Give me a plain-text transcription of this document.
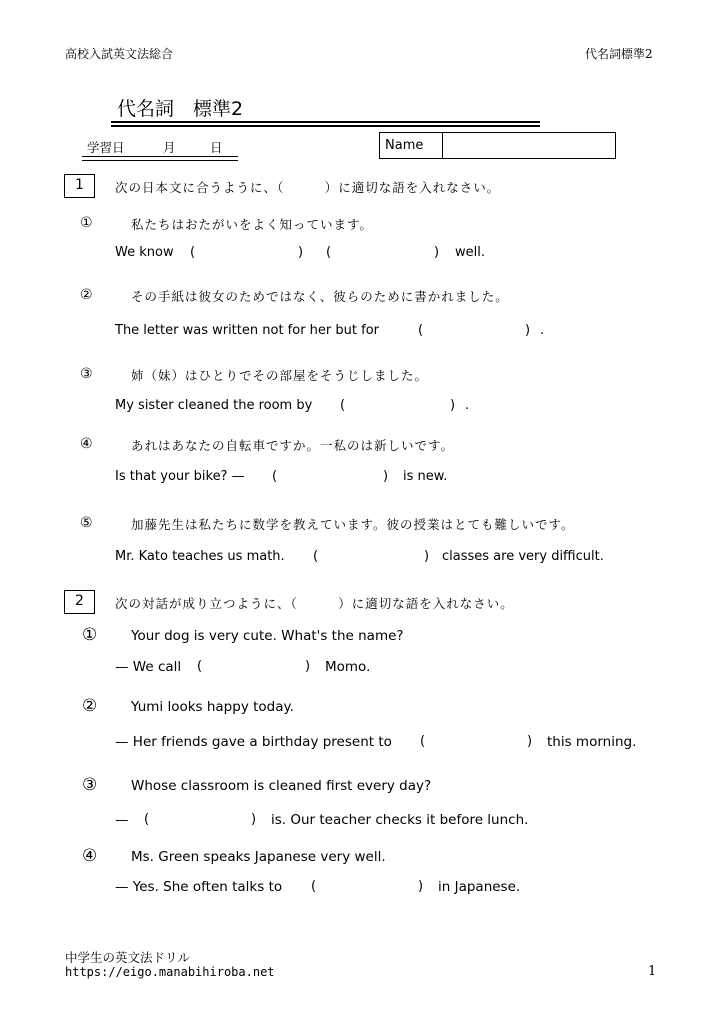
高校入試英文法総合	代名詞標準2
代名詞　標準2
学習日	月	日	Name
1	次の日本文に合うように、（　　　）に適切な語を入れなさい。
①	私たちはおたがいをよく知っています。
We know (	) (	) well.
②	その手紙は彼女のためではなく、彼らのために書かれました。
The letter was written not for her but for	(	) .
③	姉（妹）はひとりでその部屋をそうじしました。
My sister cleaned the room by (	) .
④	あれはあなたの自転車ですか。一私のは新しいです。
Is that your bike? — (	) is new.
⑤	加藤先生は私たちに数学を教えています。彼の授業はとても難しいです。
Mr. Kato teaches us math. (	) classes are very difficult.
2	次の対話が成り立つように、（　　　）に適切な語を入れなさい。
①	Your dog is very cute. What's the name?
— We call (	) Momo.
②	Yumi looks happy today.
— Her friends gave a birthday present to (	) this morning.
③	Whose classroom is cleaned first every day?
— (	) is. Our teacher checks it before lunch.
④	Ms. Green speaks Japanese very well.
— Yes. She often talks to (	) in Japanese.
中学生の英文法ドリル
https://eigo.manabihiroba.net	1
